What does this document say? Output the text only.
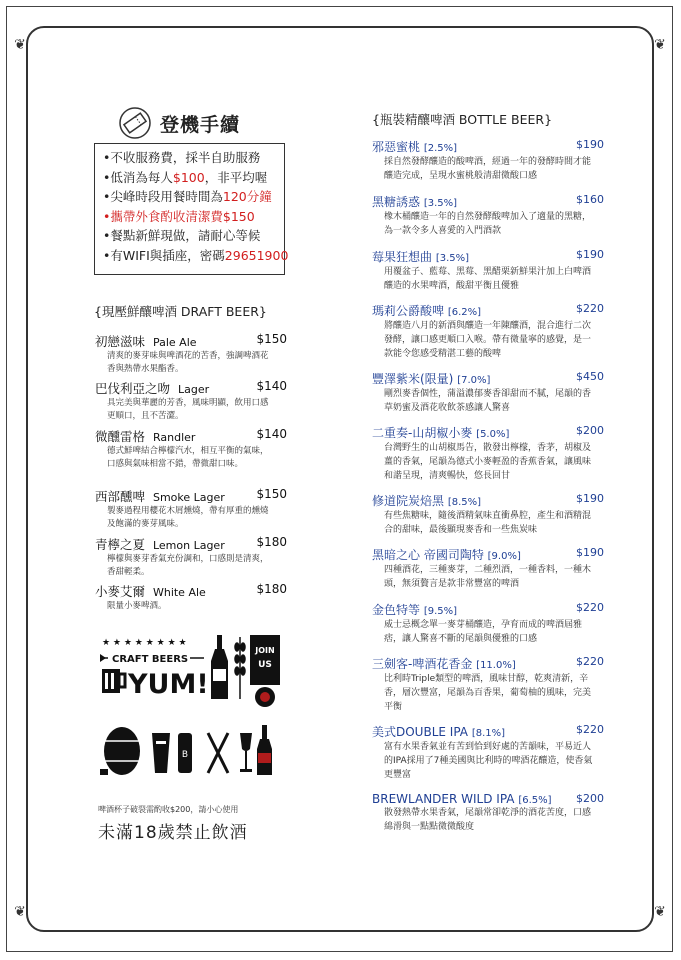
❦	❦
❦	❦
登機手續
•不收服務費，採半自助服務
•低消為每人$100，非平均喔
•尖峰時段用餐時間為120分鐘
•攜帶外食酌收清潔費$150
•餐點新鮮現做，請耐心等候
•有WIFI與插座，密碼29651900
{現壓鮮釀啤酒 DRAFT BEER}
初戀滋味 Pale Ale	$150
清爽的麥芽味與啤酒花的苦香，強調啤酒花香與熱帶水果酯香。
巴伐利亞之吻 Lager	$140
具完美與華麗的芳香，風味明顯，飲用口感更順口，且不苦澀。
微醺雷格 Randler	$140
德式鮮啤結合檸檬汽水，相互平衡的氣味，口感與氣味相當不錯，帶微甜口味。
西部醺啤 Smoke Lager	$150
製麥過程用櫻花木屑燻燒，帶有厚重的燻燒及飽滿的麥芽風味。
青檸之夏 Lemon Lager	$180
檸檬與麥芽香氣充份調和，口感則是清爽，香甜輕柔。
小麥艾爾 White Ale	$180
限量小麥啤酒。
★ ★ ★ ★ ★ ★ ★ ★
CRAFT BEERS
YUM!
JOIN
US
B
啤酒杯子破裂需酌收$200，請小心使用
未滿18歲禁止飲酒
{瓶裝精釀啤酒 BOTTLE BEER}
邪惡蜜桃 [2.5%]	$190
採自然發酵釀造的酸啤酒，經過一年的發酵時間才能釀造完成，呈現水蜜桃般清甜微酸口感
黑糖誘惑 [3.5%]	$160
橡木桶釀造一年的自然發酵酸啤加入了適量的黑糖，為一款令多人喜愛的入門酒款
莓果狂想曲 [3.5%]	$190
用覆盆子、藍莓、黑莓、黑醋栗新鮮果汁加上白啤酒釀造的水果啤酒，酸甜平衡且優雅
瑪莉公爵酸啤 [6.2%]	$220
將釀造八月的新酒與釀造一年陳釀酒，混合進行二次發酵，讓口感更順口入喉。帶有微量寧的感覺，是一款能令您感受精湛工藝的酸啤
豐澤紫米(限量) [7.0%]	$450
剛烈麥香個性，蒲溢濃郁麥香卻甜而不膩，尾韻的香草奶蜜及酒花收飲茶感讓人驚喜
二重奏-山胡椒小麥 [5.0%]	$200
台灣野生的山胡椒馬告，散發出檸檬，香茅，胡椒及薑的香氣，尾韻為德式小麥輕盈的香蕉香氣，讓風味和諧呈現，清爽暢快，悠長回甘
修道院炭焙黑 [8.5%]	$190
有些焦糖味，隨後酒精氣味直衝鼻腔，產生和酒精混合的甜味，最後顯現麥香和一些焦炭味
黑暗之心 帝國司陶特 [9.0%]	$190
四種酒花，三種麥芽，二種烈酒，一種香料，一種木頭，無須贅言是款非常豐富的啤酒
金色特等 [9.5%]	$220
威士忌概念單一麥芽桶釀造，孕育而成的啤酒屆雅痞，讓人驚喜不斷的尾韻與優雅的口感
三劍客-啤酒花香金 [11.0%]	$220
比利時Triple類型的啤酒，風味甘醇，乾爽清新，辛香，層次豐富，尾韻為百香果，葡萄柚的風味，完美平衡
美式DOUBLE IPA [8.1%]	$220
富有水果香氣並有苦到恰到好處的苦韻味，平易近人的IPA採用了7種美國與比利時的啤酒花釀造，使香氣更豐富
BREWLANDER WILD IPA [6.5%]	$200
散發熱帶水果香氣，尾韻常卻乾淨的酒花苦度，口感綿滑與一點點微微酸度
